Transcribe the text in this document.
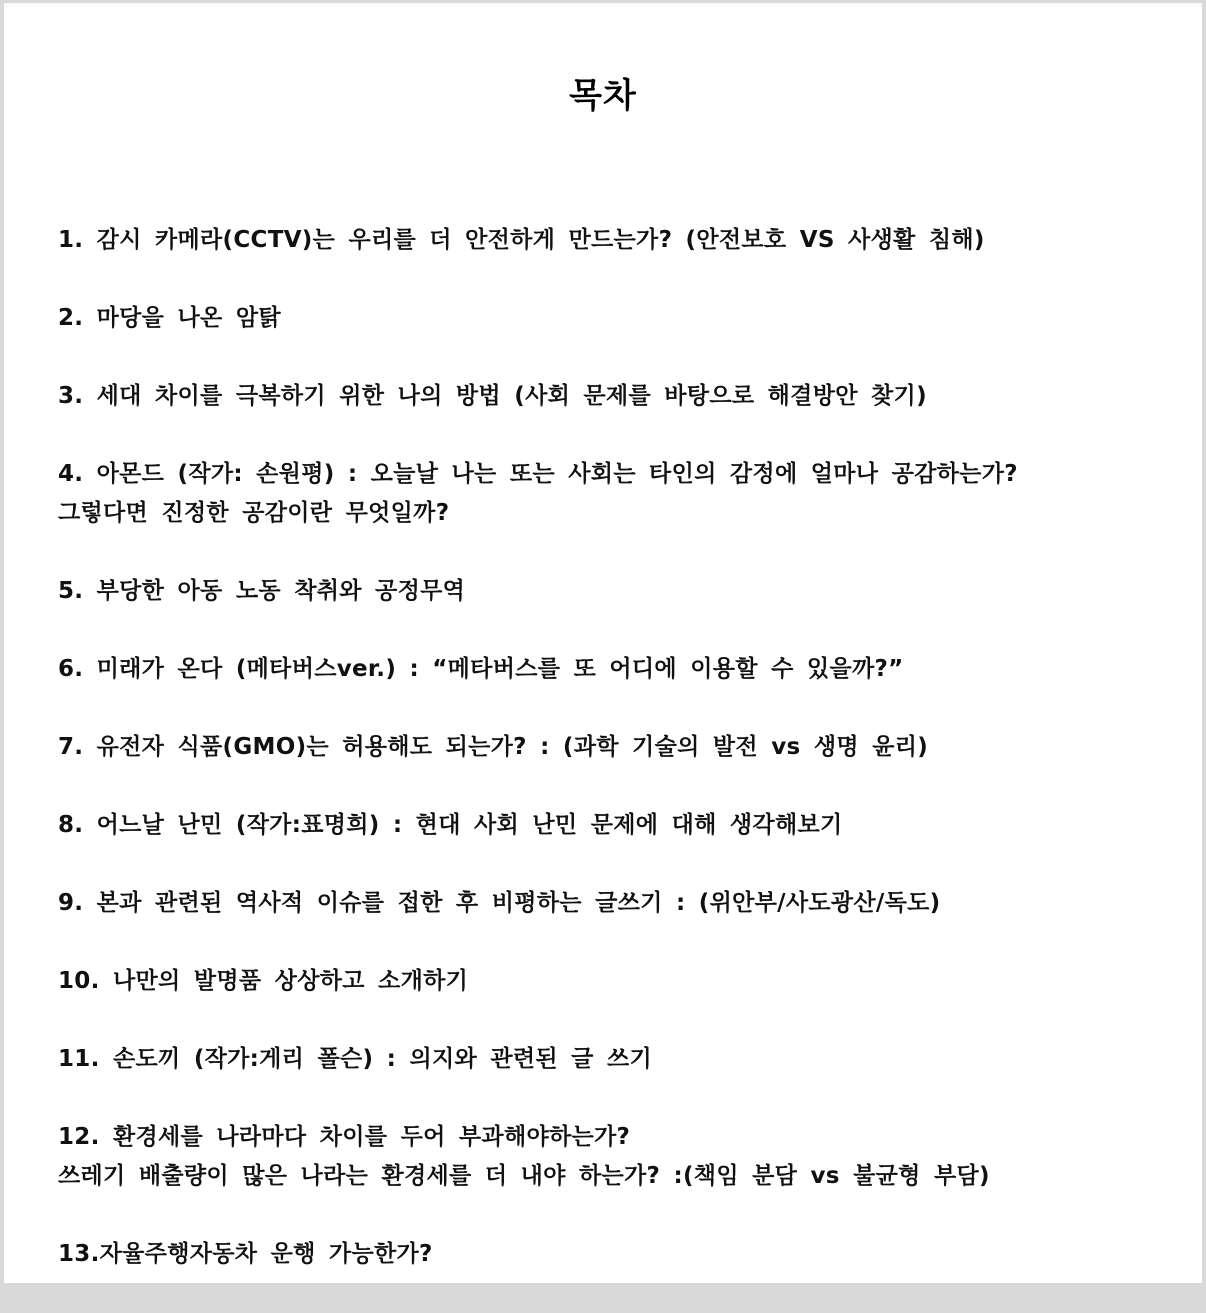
목차
1. 감시 카메라(CCTV)는 우리를 더 안전하게 만드는가? (안전보호 VS 사생활 침해)
2. 마당을 나온 암탉
3. 세대 차이를 극복하기 위한 나의 방법 (사회 문제를 바탕으로 해결방안 찾기)
4. 아몬드 (작가: 손원평) : 오늘날 나는 또는 사회는 타인의 감정에 얼마나 공감하는가?
그렇다면 진정한 공감이란 무엇일까?
5. 부당한 아동 노동 착취와 공정무역
6. 미래가 온다 (메타버스ver.) : “메타버스를 또 어디에 이용할 수 있을까?”
7. 유전자 식품(GMO)는 허용해도 되는가? : (과학 기술의 발전 vs 생명 윤리)
8. 어느날 난민 (작가:표명희) : 현대 사회 난민 문제에 대해 생각해보기
9. 본과 관련된 역사적 이슈를 접한 후 비평하는 글쓰기 : (위안부/사도광산/독도)
10. 나만의 발명품 상상하고 소개하기
11. 손도끼 (작가:게리 폴슨) : 의지와 관련된 글 쓰기
12. 환경세를 나라마다 차이를 두어 부과해야하는가?
쓰레기 배출량이 많은 나라는 환경세를 더 내야 하는가? :(책임 분담 vs 불균형 부담)
13.자율주행자동차 운행 가능한가?
